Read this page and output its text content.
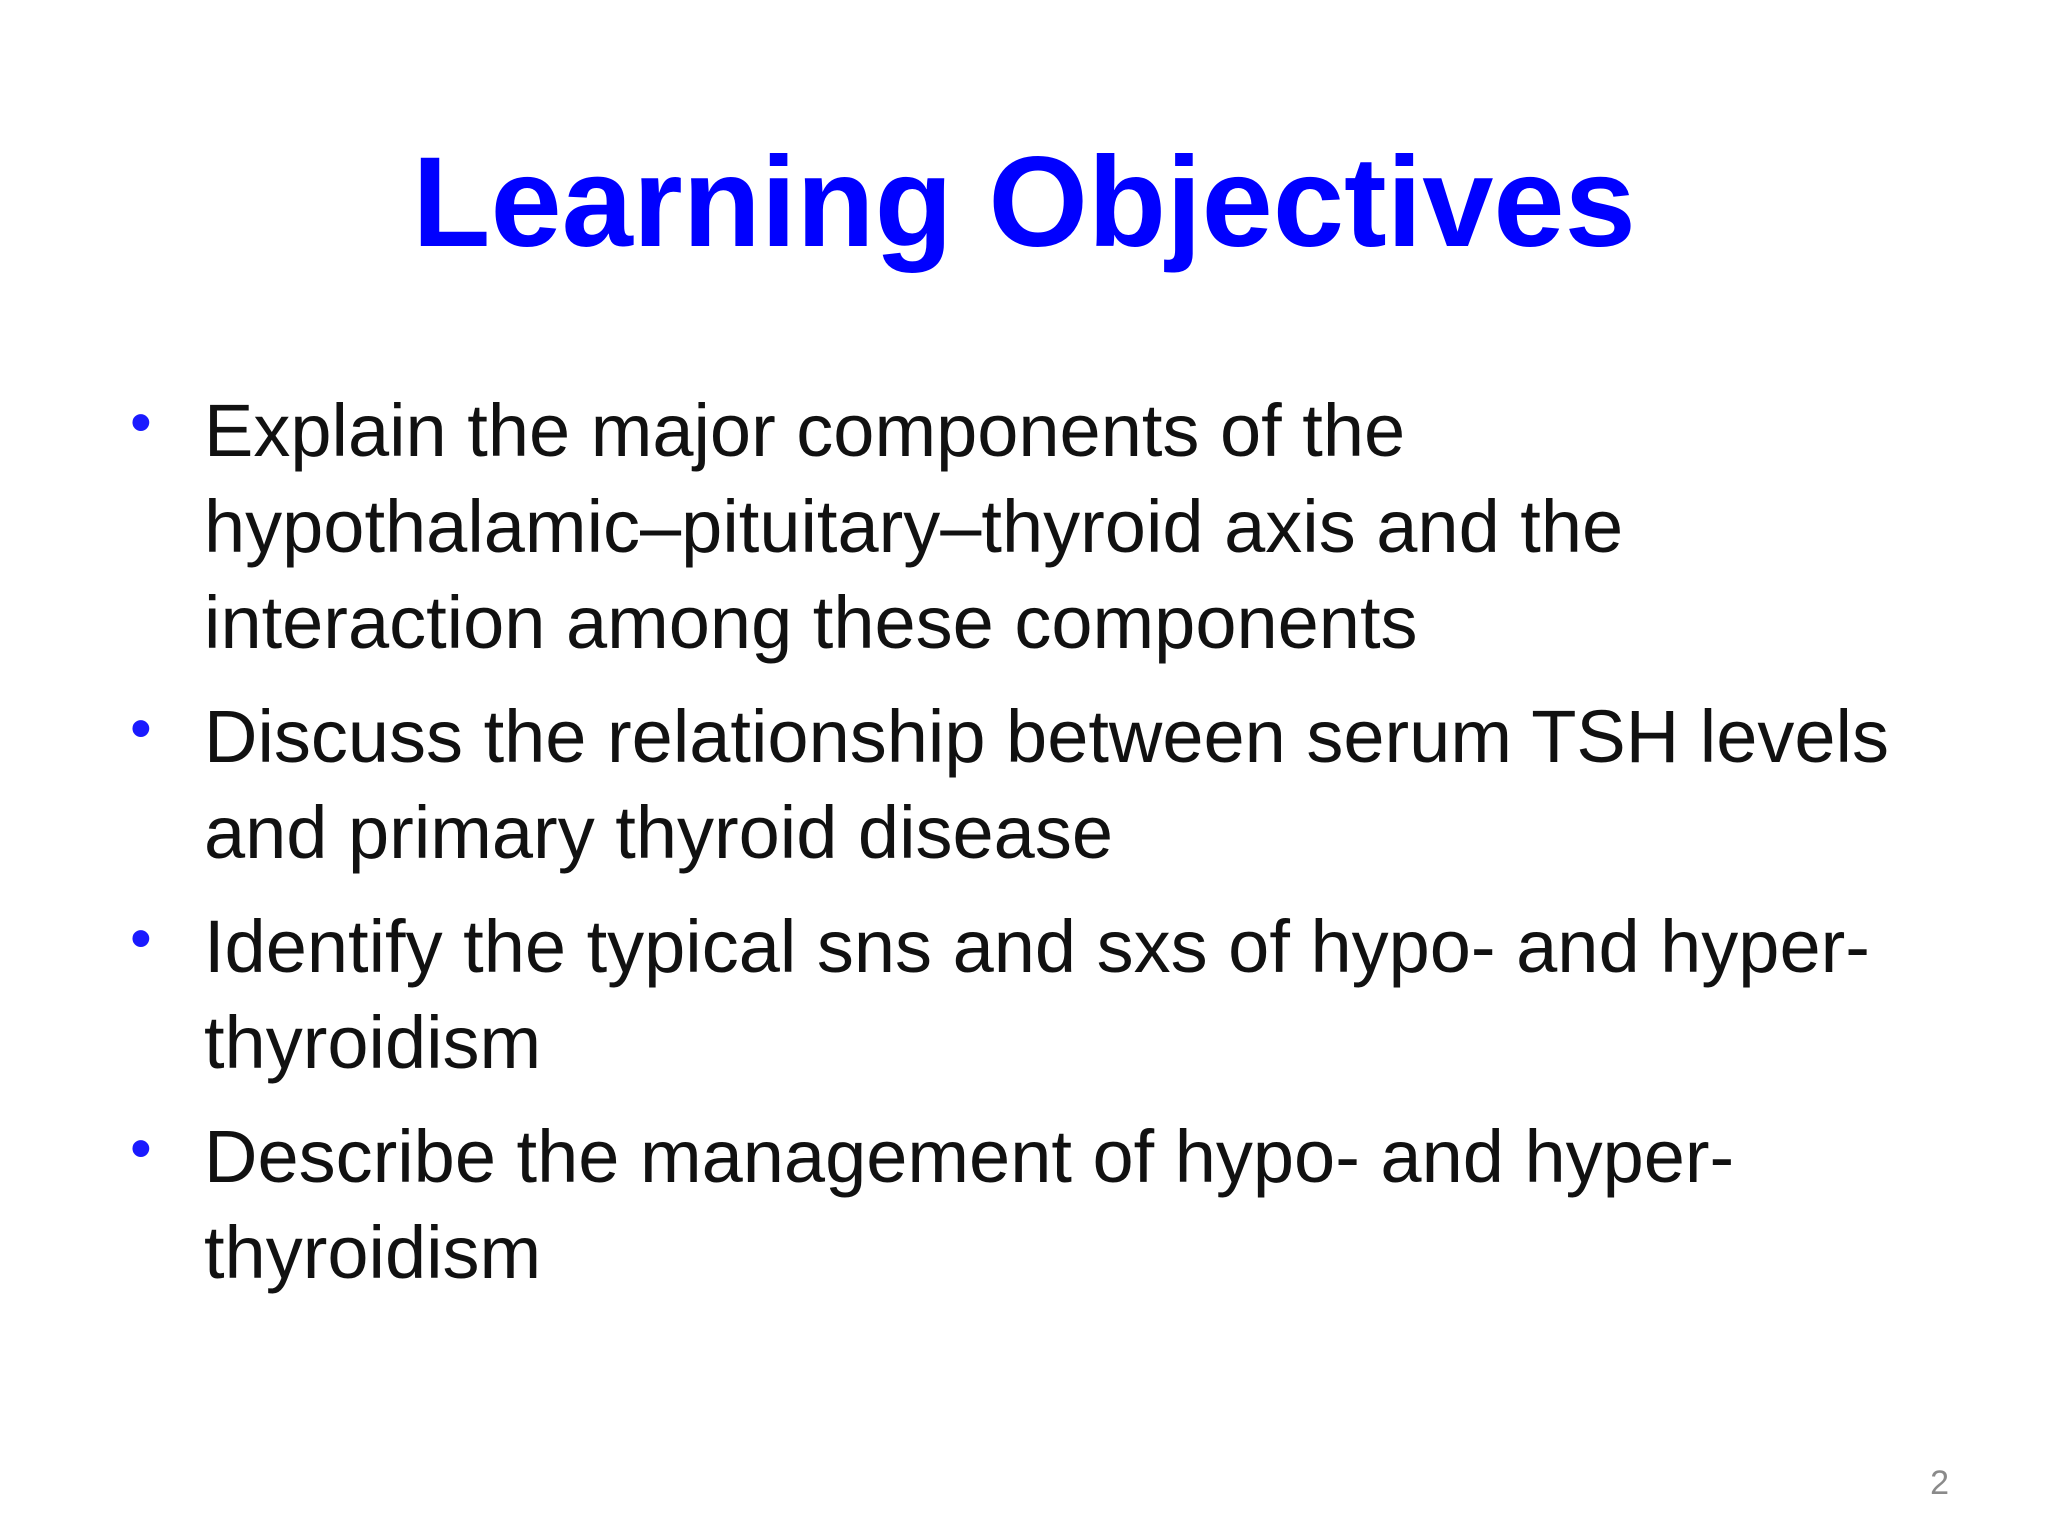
Learning Objectives
• Explain the major components of the hypothalamic–pituitary–thyroid axis and the interaction among these components
• Discuss the relationship between serum TSH levels and primary thyroid disease
• Identify the typical sns and sxs of hypo- and hyper-thyroidism
• Describe the management of hypo- and hyper-thyroidism
2
